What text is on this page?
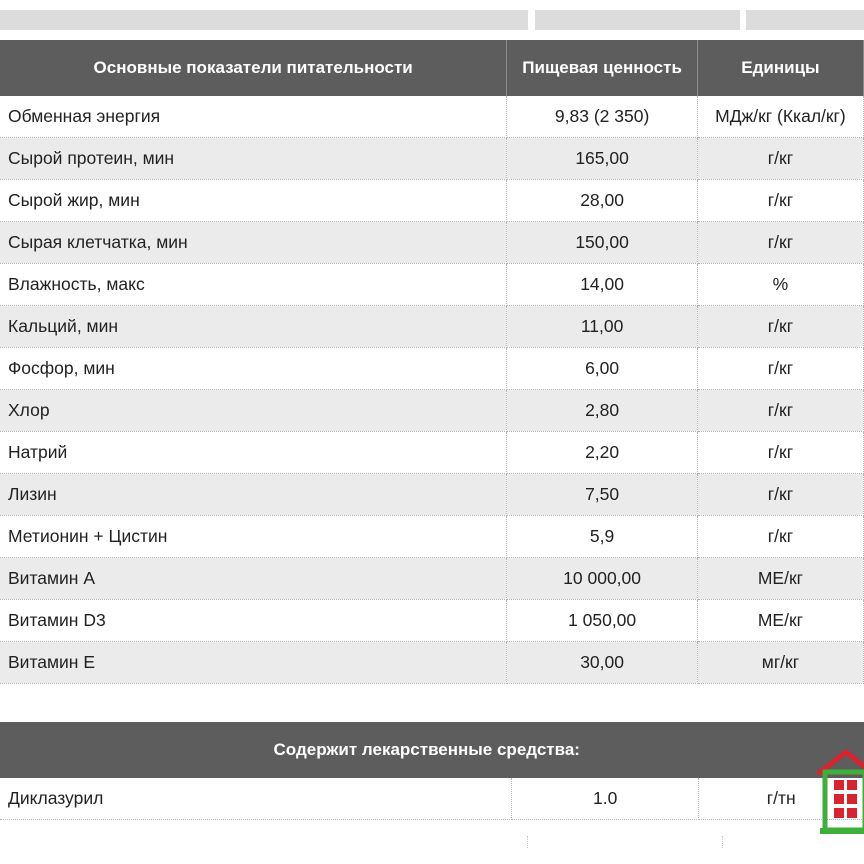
Основные показатели питательности	Пищевая ценность	Единицы
Обменная энергия	9,83 (2 350)	МДж/кг (Ккал/кг)
Сырой протеин, мин	165,00	г/кг
Сырой жир, мин	28,00	г/кг
Сырая клетчатка, мин	150,00	г/кг
Влажность, макс	14,00	%
Кальций, мин	11,00	г/кг
Фосфор, мин	6,00	г/кг
Хлор	2,80	г/кг
Натрий	2,20	г/кг
Лизин	7,50	г/кг
Метионин + Цистин	5,9	г/кг
Витамин А	10 000,00	МЕ/кг
Витамин D3	1 050,00	МЕ/кг
Витамин Е	30,00	мг/кг
Содержит лекарственные средства:
Диклазурил	1.0	г/тн
